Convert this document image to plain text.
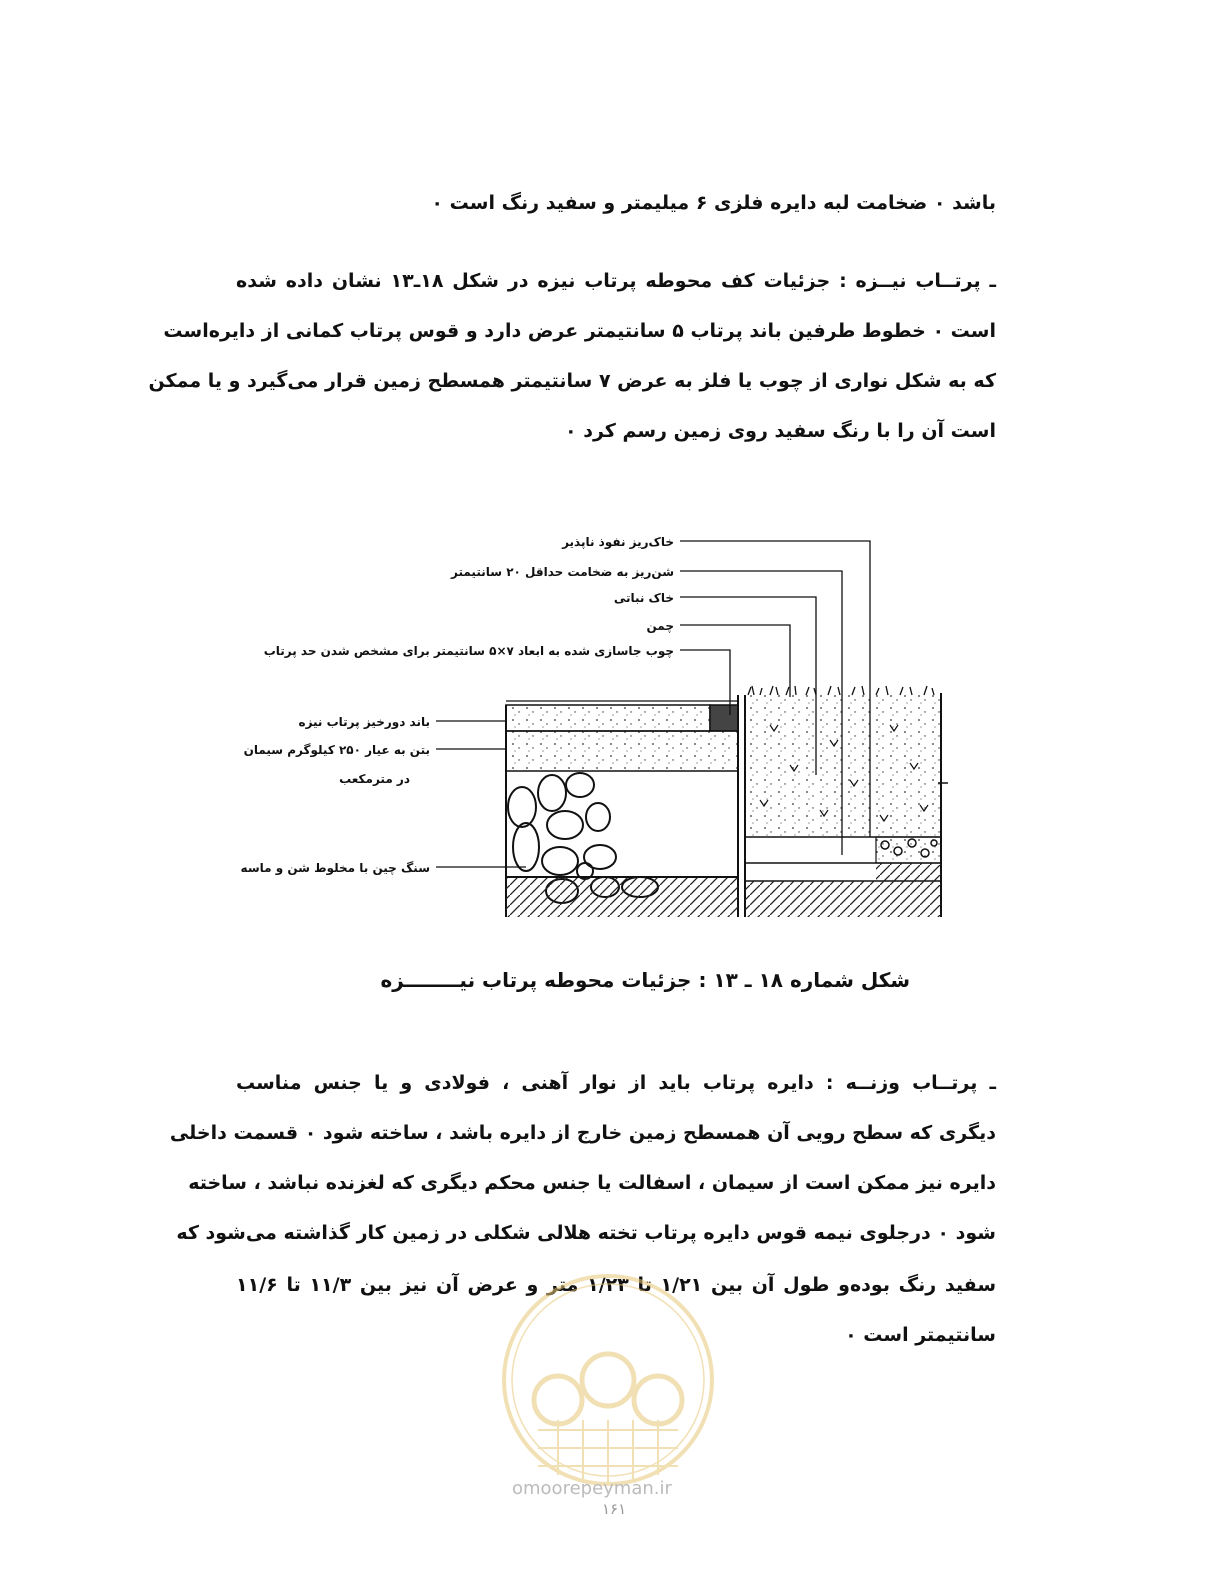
باشد ٠ ضخامت لبه دایره فلزی ۶ میلیمتر و سفید رنگ است ٠
ـ پرتــاب نیــزه : جزئیات کف محوطه پرتاب نیزه در شکل ۱۸ـ۱۳ نشان داده شده
است ٠ خطوط طرفین باند پرتاب ۵ سانتیمتر عرض دارد و قوس پرتاب کمانی از دایره‌است
که به شکل نواری از چوب یا فلز به عرض ۷ سانتیمتر همسطح زمین قرار می‌گیرد و یا ممکن
است آن را با رنگ سفید روی زمین رسم کرد ٠
خاک‌ریز نفوذ ناپذیر
شن‌ریز به ضخامت حداقل ۲۰ سانتیمتر
خاک نباتی
چمن
چوب جاسازی شده به ابعاد ۷×۵ سانتیمتر برای مشخص شدن حد پرتاب
باند دورخیز پرتاب نیزه
بتن به عیار ۲۵۰ کیلوگرم سیمان
در مترمکعب
سنگ چین با مخلوط شن و ماسه
شکل شماره ۱۸ ـ ۱۳ : جزئیات محوطه پرتاب نیــــــــزه
ـ پرتــاب وزنــه : دایره پرتاب باید از نوار آهنی ، فولادی و یا جنس مناسب
دیگری که سطح رویی آن همسطح زمین خارج از دایره باشد ، ساخته شود ٠ قسمت داخلی
دایره نیز ممکن است از سیمان ، اسفالت یا جنس محکم دیگری که لغزنده نباشد ، ساخته
شود ٠ درجلوی نیمه قوس دایره پرتاب تخته هلالی شکلی در زمین کار گذاشته می‌شود که
سفید رنگ بوده‌و طول آن بین ۱/۲۱ تا ۱/۲۳ متر و عرض آن نیز بین ۱۱/۳ تا ۱۱/۶
سانتیمتر است ٠
omoorepeyman.ir
۱۶۱
